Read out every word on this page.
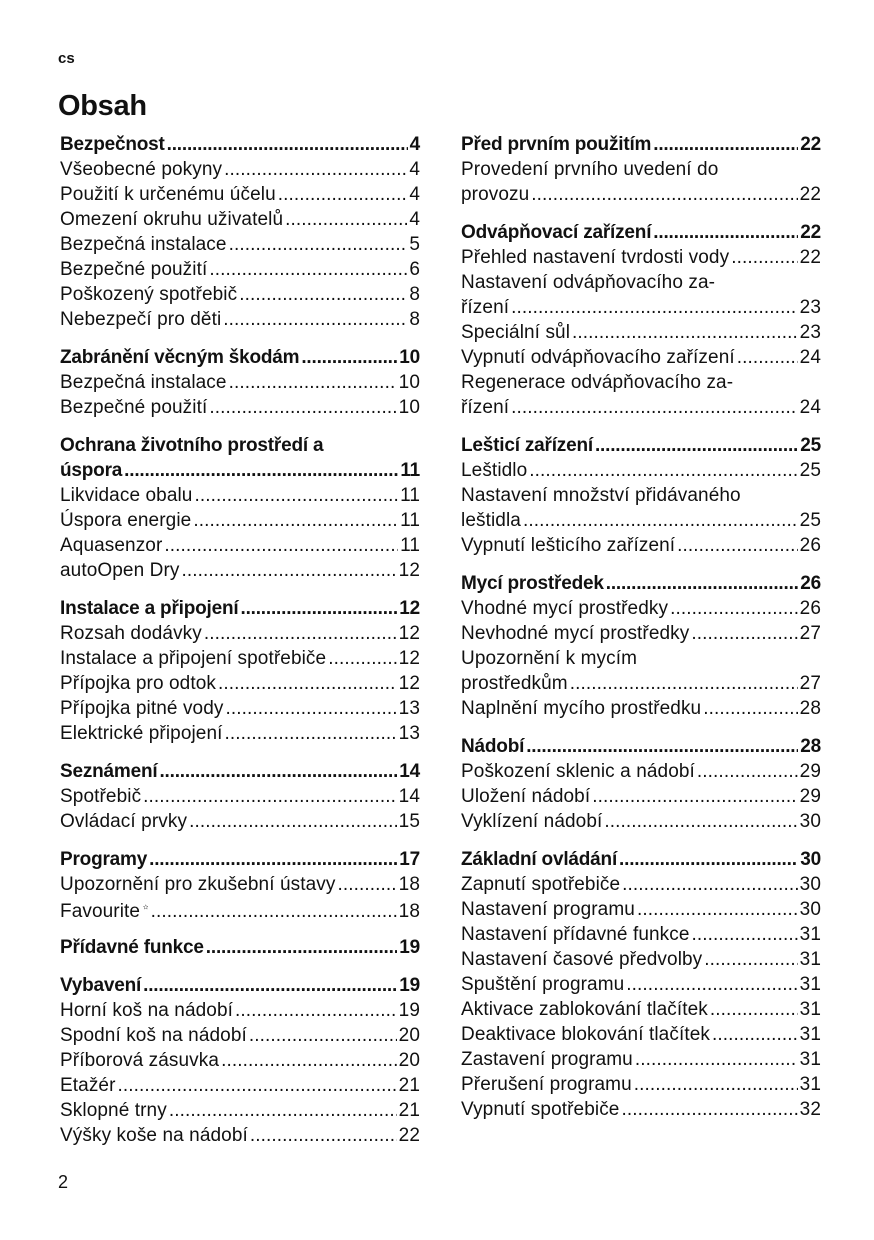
cs
Obsah
Bezpečnost .....	4
Všeobecné pokyny .....	4
Použití k určenému účelu .....	4
Omezení okruhu uživatelů .....	4
Bezpečná instalace .....	5
Bezpečné použití .....	6
Poškozený spotřebič .....	8
Nebezpečí pro děti .....	8
Zabránění věcným škodám .....	10
Bezpečná instalace .....	10
Bezpečné použití .....	10
Ochrana životního prostředí a
úspora .....	11
Likvidace obalu .....	11
Úspora energie .....	11
Aquasenzor .....	11
autoOpen Dry .....	12
Instalace a připojení .....	12
Rozsah dodávky .....	12
Instalace a připojení spotřebiče .....	12
Přípojka pro odtok .....	12
Přípojka pitné vody .....	13
Elektrické připojení .....	13
Seznámení .....	14
Spotřebič .....	14
Ovládací prvky .....	15
Programy .....	17
Upozornění pro zkušební ústavy .....	18
Favourite .....	18
Přídavné funkce .....	19
Vybavení .....	19
Horní koš na nádobí .....	19
Spodní koš na nádobí .....	20
Příborová zásuvka .....	20
Etažér .....	21
Sklopné trny .....	21
Výšky koše na nádobí .....	22
Před prvním použitím .....	22
Provedení prvního uvedení do
provozu .....	22
Odvápňovací zařízení .....	22
Přehled nastavení tvrdosti vody .....	22
Nastavení odvápňovacího za-
řízení .....	23
Speciální sůl .....	23
Vypnutí odvápňovacího zařízení .....	24
Regenerace odvápňovacího za-
řízení .....	24
Lešticí zařízení .....	25
Leštidlo .....	25
Nastavení množství přidávaného
leštidla .....	25
Vypnutí lešticího zařízení .....	26
Mycí prostředek .....	26
Vhodné mycí prostředky .....	26
Nevhodné mycí prostředky .....	27
Upozornění k mycím
prostředkům .....	27
Naplnění mycího prostředku .....	28
Nádobí .....	28
Poškození sklenic a nádobí .....	29
Uložení nádobí .....	29
Vyklízení nádobí .....	30
Základní ovládání .....	30
Zapnutí spotřebiče .....	30
Nastavení programu .....	30
Nastavení přídavné funkce .....	31
Nastavení časové předvolby .....	31
Spuštění programu .....	31
Aktivace zablokování tlačítek .....	31
Deaktivace blokování tlačítek .....	31
Zastavení programu .....	31
Přerušení programu .....	31
Vypnutí spotřebiče .....	32
2
